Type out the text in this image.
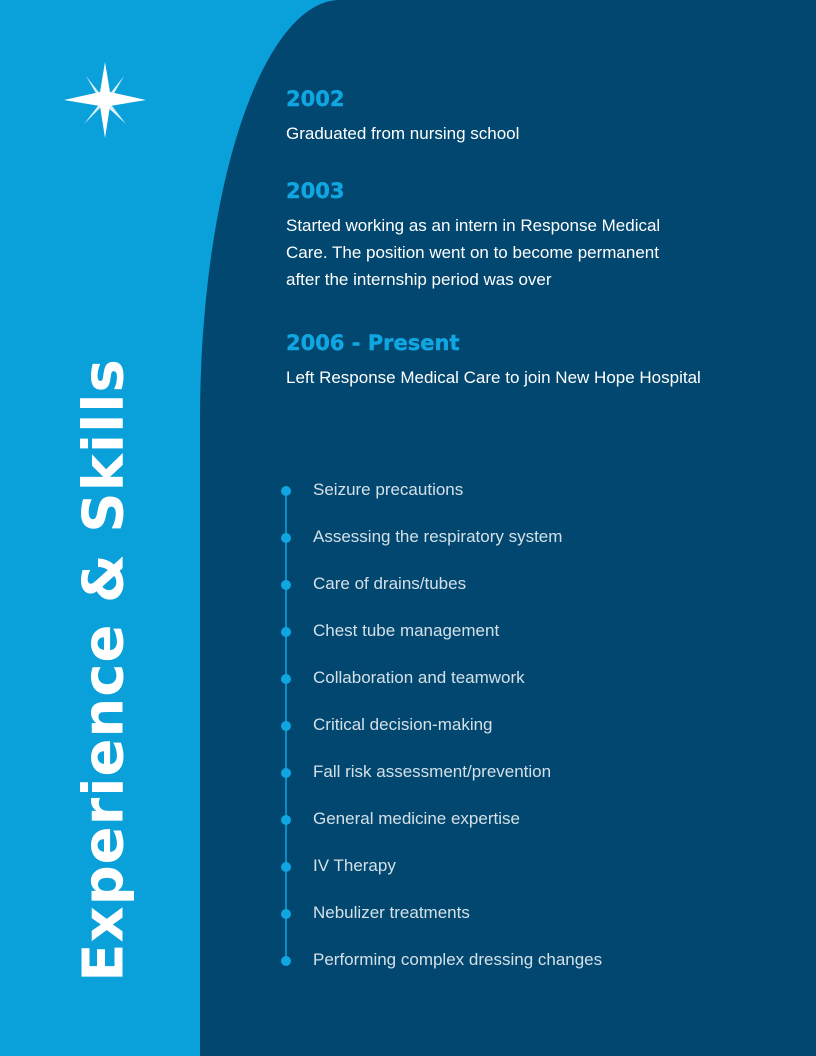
Experience & Skills

2002

Graduated from nursing school

2003

Started working as an intern in Response Medical
Care. The position went on to become permanent
after the internship period was over

2006 - Present

Left Response Medical Care to join New Hope Hospital

Seizure precautions
Assessing the respiratory system
Care of drains/tubes
Chest tube management
Collaboration and teamwork
Critical decision-making
Fall risk assessment/prevention
General medicine expertise
IV Therapy
Nebulizer treatments
Performing complex dressing changes
